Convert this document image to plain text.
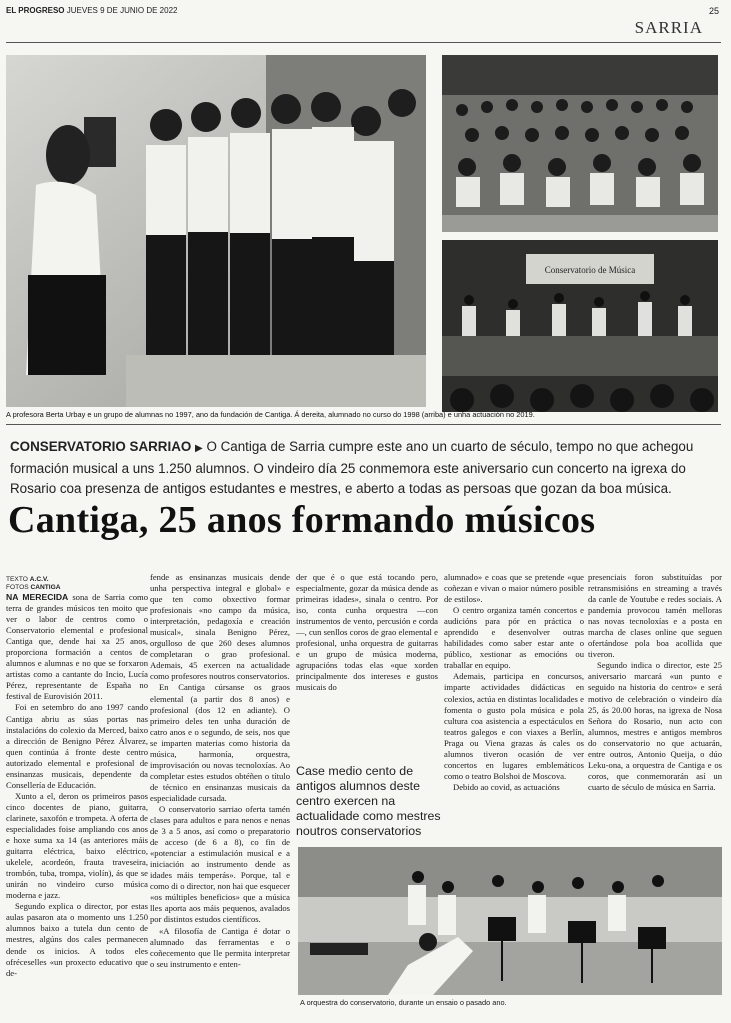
EL PROGRESO JUEVES 9 DE JUNIO DE 2022	25
SARRIA
Conservatorio de Música
A profesora Berta Urbay e un grupo de alumnas no 1997, ano da fundación de Cantiga. Á dereita, alumnado no curso do 1998 (arriba) e unha actuación no 2019.
CONSERVATORIO SARRIAO ▶ O Cantiga de Sarria cumpre este ano un cuarto de século, tempo no que achegou formación musical a uns 1.250 alumnos. O vindeiro día 25 conmemora este aniversario cun concerto na igrexa do Rosario coa presenza de antigos estudantes e mestres, e aberto a todas as persoas que gozan da boa música.
Cantiga, 25 anos formando músicos
TEXTO A.C.V.
FOTOS CANTIGA

NA MERECIDA sona de Sarria como terra de grandes músicos ten moito que ver o labor de centros como o Conservatorio elemental e profesional Cantiga que, dende hai xa 25 anos, proporciona formación a centos de alumnos e alumnas e no que se forxaron artistas como a cantante do Incio, Lucía Pérez, representante de España no festival de Eurovisión 2011.

Foi en setembro do ano 1997 cando Cantiga abriu as súas portas nas instalacións do colexio da Merced, baixo a dirección de Benigno Pérez Álvarez, quen continúa á fronte deste centro autorizado elemental e profesional de ensinanzas musicais, dependente da Consellería de Educación.

Xunto a el, deron os primeiros pasos cinco docentes de piano, guitarra, clarinete, saxofón e trompeta. A oferta de especialidades foise ampliando cos anos e hoxe suma xa 14 (as anteriores máis guitarra eléctrica, baixo eléctrico, ukelele, acordeón, frauta traveseira, trombón, tuba, trompa, violín), ás que se unirán no vindeiro curso música moderna e jazz.

Segundo explica o director, por estas aulas pasaron ata o momento uns 1.250 alumnos baixo a tutela dun cento de mestres, algúns dos cales permanecen dende os inicios. A todos eles ofréceselles «un proxecto educativo que de-

fende as ensinanzas musicais dende unha perspectiva integral e global» e que ten como obxectivo formar profesionais «no campo da música, interpretación, pedagoxía e creación musical», sinala Benigno Pérez, orgulloso de que 260 deses alumnos completaran o grao profesional. Ademais, 45 exercen na actualidade como profesores noutros conservatorios.

En Cantiga cúrsanse os graos elemental (a partir dos 8 anos) e profesional (dos 12 en adiante). O primeiro deles ten unha duración de catro anos e o segundo, de seis, nos que se imparten materias como historia da música, harmonía, orquestra, improvisación ou novas tecnoloxías. Ao completar estes estudos obtéñen o título de técnico en ensinanzas musicais da especialidade cursada.

O conservatorio sarriao oferta tamén clases para adultos e para nenos e nenas de 3 a 5 anos, así como o preparatorio de acceso (de 6 a 8), co fin de «potenciar a estimulación musical e a iniciación ao instrumento dende as idades máis temperás». Porque, tal e como di o director, non hai que esquecer «os múltiples beneficios» que a música lles aporta aos máis pequenos, avalados por distintos estudos científicos.

«A filosofía de Cantiga é dotar o alumnado das ferramentas e o coñecemento que lle permita interpretar o seu instrumento e enten-

der que é o que está tocando pero, especialmente, gozar da música dende as primeiras idades», sinala o centro. Por iso, conta cunha orquestra —con instrumentos de vento, percusión e corda—, cun senllos coros de grao elemental e profesional, unha orquestra de guitarras e un grupo de música moderna, agrupacións todas elas «que xorden principalmente dos intereses e gustos musicais do

Case medio cento de antigos alumnos deste centro exercen na actualidade como mestres noutros conservatorios

alumnado» e coas que se pretende «que coñezan e vivan o maior número posible de estilos».

O centro organiza tamén concertos e audicións para pór en práctica o aprendido e desenvolver outras habilidades como saber estar ante o público, xestionar as emocións ou traballar en equipo.

Ademais, participa en concursos, imparte actividades didácticas en colexios, actúa en distintas localidades e fomenta o gusto pola música e pola cultura coa asistencia a espectáculos en teatros galegos e con viaxes a Berlín, Praga ou Viena grazas ás cales os alumnos tiveron ocasión de ver concertos en lugares emblemáticos como o teatro Bolshoi de Moscova.

Debido ao covid, as actuacións

presenciais foron substituídas por retransmisións en streaming a través da canle de Youtube e redes sociais. A pandemia provocou tamén melloras nas novas tecnoloxías e a posta en marcha de clases online que seguen ofertándose pola boa acollida que tiveron.

Segundo indica o director, este 25 aniversario marcará «un punto e seguido na historia do centro» e será motivo de celebración o vindeiro día 25, ás 20.00 horas, na igrexa de Nosa Señora do Rosario, nun acto con alumnos, mestres e antigos membros do conservatorio no que actuarán, entre outros, Antonio Queija, o dúo Leku-ona, a orquestra de Cantiga e os coros, que conmemorarán así un cuarto de século de música en Sarria.

A orquestra do conservatorio, durante un ensaio o pasado ano.
